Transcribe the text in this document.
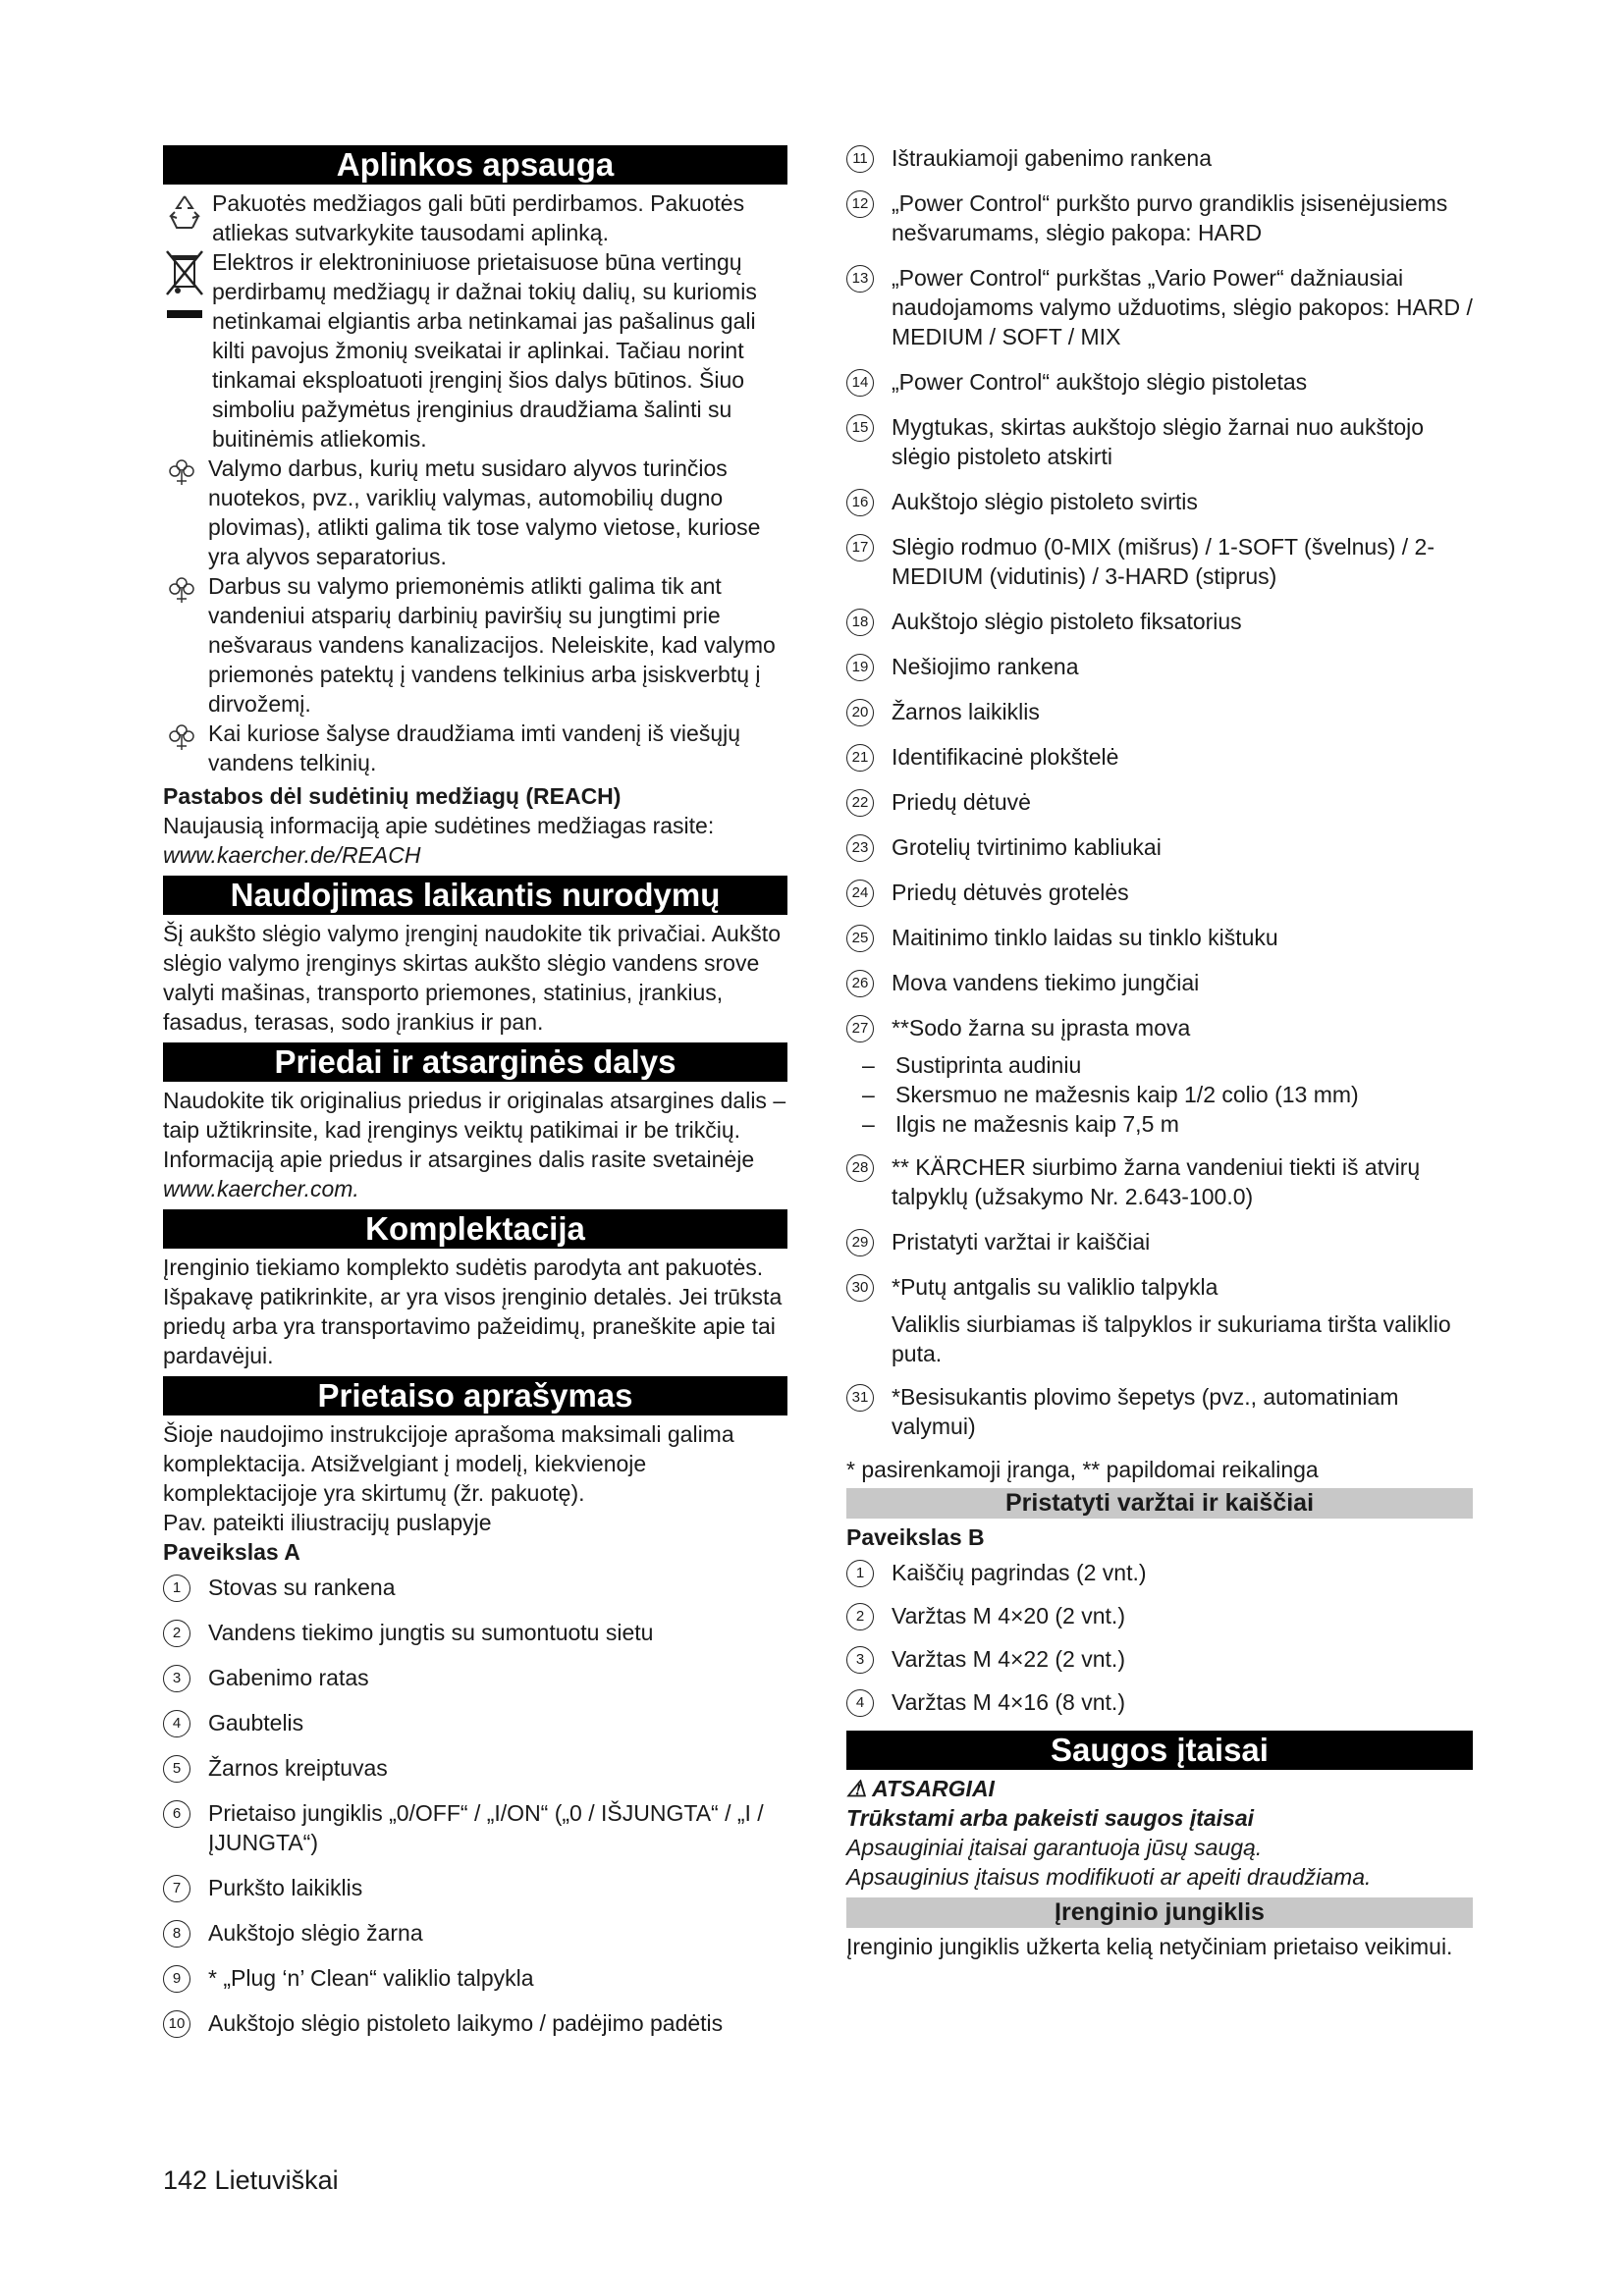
Aplinkos apsauga

Pakuotės medžiagos gali būti perdirbamos. Pakuotės atliekas sutvarkykite tausodami aplinką.

Elektros ir elektroniniuose prietaisuose būna vertingų perdirbamų medžiagų ir dažnai tokių dalių, su kuriomis netinkamai elgiantis arba netinkamai jas pašalinus gali kilti pavojus žmonių sveikatai ir aplinkai. Tačiau norint tinkamai eksploatuoti įrenginį šios dalys būtinos. Šiuo simboliu pažymėtus įrenginius draudžiama šalinti su buitinėmis atliekomis.

Valymo darbus, kurių metu susidaro alyvos turinčios nuotekos, pvz., variklių valymas, automobilių dugno plovimas), atlikti galima tik tose valymo vietose, kuriose yra alyvos separatorius.

Darbus su valymo priemonėmis atlikti galima tik ant vandeniui atsparių darbinių paviršių su jungtimi prie nešvaraus vandens kanalizacijos. Neleiskite, kad valymo priemonės patektų į vandens telkinius arba įsiskverbtų į dirvožemį.

Kai kuriose šalyse draudžiama imti vandenį iš viešųjų vandens telkinių.

Pastabos dėl sudėtinių medžiagų (REACH)

Naujausią informaciją apie sudėtines medžiagas rasite:

www.kaercher.de/REACH

Naudojimas laikantis nurodymų

Šį aukšto slėgio valymo įrenginį naudokite tik privačiai. Aukšto slėgio valymo įrenginys skirtas aukšto slėgio vandens srove valyti mašinas, transporto priemones, statinius, įrankius, fasadus, terasas, sodo įrankius ir pan.

Priedai ir atsarginės dalys

Naudokite tik originalius priedus ir originalas atsargines dalis – taip užtikrinsite, kad įrenginys veiktų patikimai ir be trikčių.

Informaciją apie priedus ir atsargines dalis rasite svetainėje www.kaercher.com.

Komplektacija

Įrenginio tiekiamo komplekto sudėtis parodyta ant pakuotės. Išpakavę patikrinkite, ar yra visos įrenginio detalės. Jei trūksta priedų arba yra transportavimo pažeidimų, praneškite apie tai pardavėjui.

Prietaiso aprašymas

Šioje naudojimo instrukcijoje aprašoma maksimali galima komplektacija. Atsižvelgiant į modelį, kiekvienoje komplektacijoje yra skirtumų (žr. pakuotę).

Pav. pateikti iliustracijų puslapyje

Paveikslas A

1	Stovas su rankena
2	Vandens tiekimo jungtis su sumontuotu sietu
3	Gabenimo ratas
4	Gaubtelis
5	Žarnos kreiptuvas
6	Prietaiso jungiklis „0/OFF“ / „I/ON“ („0 / IŠJUNGTA“ / „I / ĮJUNGTA“)
7	Purkšto laikiklis
8	Aukštojo slėgio žarna
9	* „Plug ‘n’ Clean“ valiklio talpykla
10 Aukštojo slėgio pistoleto laikymo / padėjimo padėtis
11 Ištraukiamoji gabenimo rankena
12 „Power Control“ purkšto purvo grandiklis įsisenėjusiems nešvarumams, slėgio pakopa: HARD
13 „Power Control“ purkštas „Vario Power“ dažniausiai naudojamoms valymo užduotims, slėgio pakopos: HARD / MEDIUM / SOFT / MIX
14 „Power Control“ aukštojo slėgio pistoletas
15 Mygtukas, skirtas aukštojo slėgio žarnai nuo aukštojo slėgio pistoleto atskirti
16 Aukštojo slėgio pistoleto svirtis
17 Slėgio rodmuo (0-MIX (mišrus) / 1-SOFT (švelnus) / 2-MEDIUM (vidutinis) / 3-HARD (stiprus)
18 Aukštojo slėgio pistoleto fiksatorius
19 Nešiojimo rankena
20 Žarnos laikiklis
21 Identifikacinė plokštelė
22 Priedų dėtuvė
23 Grotelių tvirtinimo kabliukai
24 Priedų dėtuvės grotelės
25 Maitinimo tinklo laidas su tinklo kištuku
26 Mova vandens tiekimo jungčiai
27 **Sodo žarna su įprasta mova

– Sustiprinta audiniu

– Skersmuo ne mažesnis kaip 1/2 colio (13 mm)

– Ilgis ne mažesnis kaip 7,5 m

28 ** KÄRCHER siurbimo žarna vandeniui tiekti iš atvirų talpyklų (užsakymo Nr. 2.643-100.0)
29 Pristatyti varžtai ir kaiščiai
30 *Putų antgalis su valiklio talpykla

Valiklis siurbiamas iš talpyklos ir sukuriama tiršta valiklio puta.

31 *Besisukantis plovimo šepetys (pvz., automatiniam valymui)

* pasirenkamoji įranga, ** papildomai reikalinga

Pristatyti varžtai ir kaiščiai

Paveikslas B

1	Kaiščių pagrindas (2 vnt.)
2	Varžtas M 4×20 (2 vnt.)
3	Varžtas M 4×22 (2 vnt.)
4	Varžtas M 4×16 (8 vnt.)
Saugos įtaisai

⚠ ATSARGIAI

Trūkstami arba pakeisti saugos įtaisai

Apsauginiai įtaisai garantuoja jūsų saugą.

Apsauginius įtaisus modifikuoti ar apeiti draudžiama.

Įrenginio jungiklis

Įrenginio jungiklis užkerta kelią netyčiniam prietaiso veikimui.

142 Lietuviškai
